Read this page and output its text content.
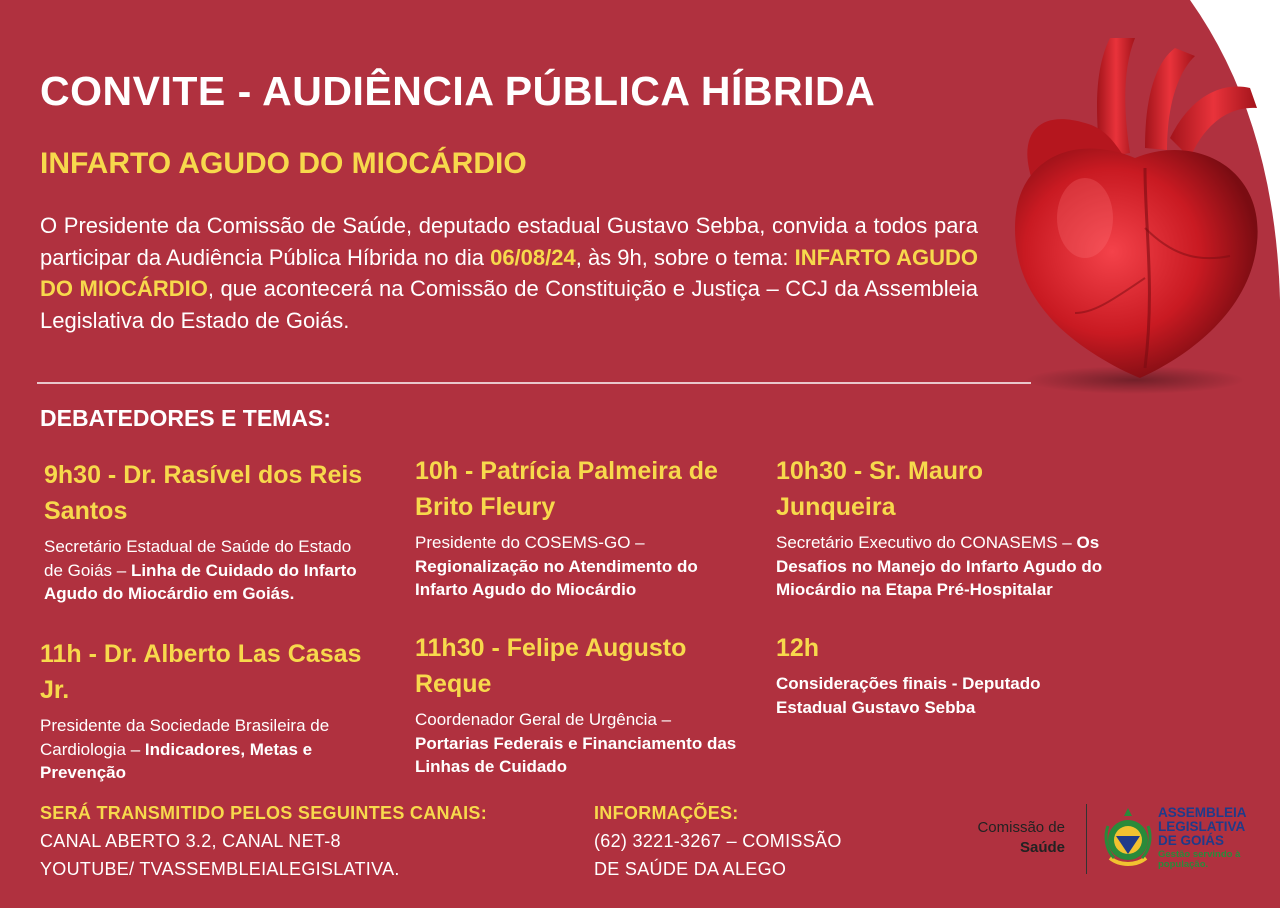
CONVITE - AUDIÊNCIA PÚBLICA HÍBRIDA
INFARTO AGUDO DO MIOCÁRDIO

O Presidente da Comissão de Saúde, deputado estadual Gustavo Sebba, convida a todos para participar da Audiência Pública Híbrida no dia 06/08/24, às 9h, sobre o tema: INFARTO AGUDO DO MIOCÁRDIO, que acontecerá na Comissão de Constituição e Justiça – CCJ da Assembleia Legislativa do Estado de Goiás.

DEBATEDORES E TEMAS:

9h30 - Dr. Rasível dos Reis Santos

Secretário Estadual de Saúde do Estado de Goiás – Linha de Cuidado do Infarto Agudo do Miocárdio em Goiás.

10h - Patrícia Palmeira de Brito Fleury

Presidente do COSEMS-GO – Regionalização no Atendimento do Infarto Agudo do Miocárdio

10h30 - Sr. Mauro Junqueira

Secretário Executivo do CONASEMS – Os Desafios no Manejo do Infarto Agudo do Miocárdio na Etapa Pré-Hospitalar

11h - Dr. Alberto Las Casas Jr.

Presidente da Sociedade Brasileira de Cardiologia – Indicadores, Metas e Prevenção

11h30 - Felipe Augusto Reque

Coordenador Geral de Urgência – Portarias Federais e Financiamento das Linhas de Cuidado

12h

Considerações finais - Deputado Estadual Gustavo Sebba

SERÁ TRANSMITIDO PELOS SEGUINTES CANAIS:

CANAL ABERTO 3.2, CANAL NET-8

YOUTUBE/ TVASSEMBLEIALEGISLATIVA.

INFORMAÇÕES:

(62) 3221-3267 – COMISSÃO

DE SAÚDE DA ALEGO

Comissão de
Saúde
ASSEMBLEIA
LEGISLATIVA
DE GOIÁS
Gestão servindo à população.
